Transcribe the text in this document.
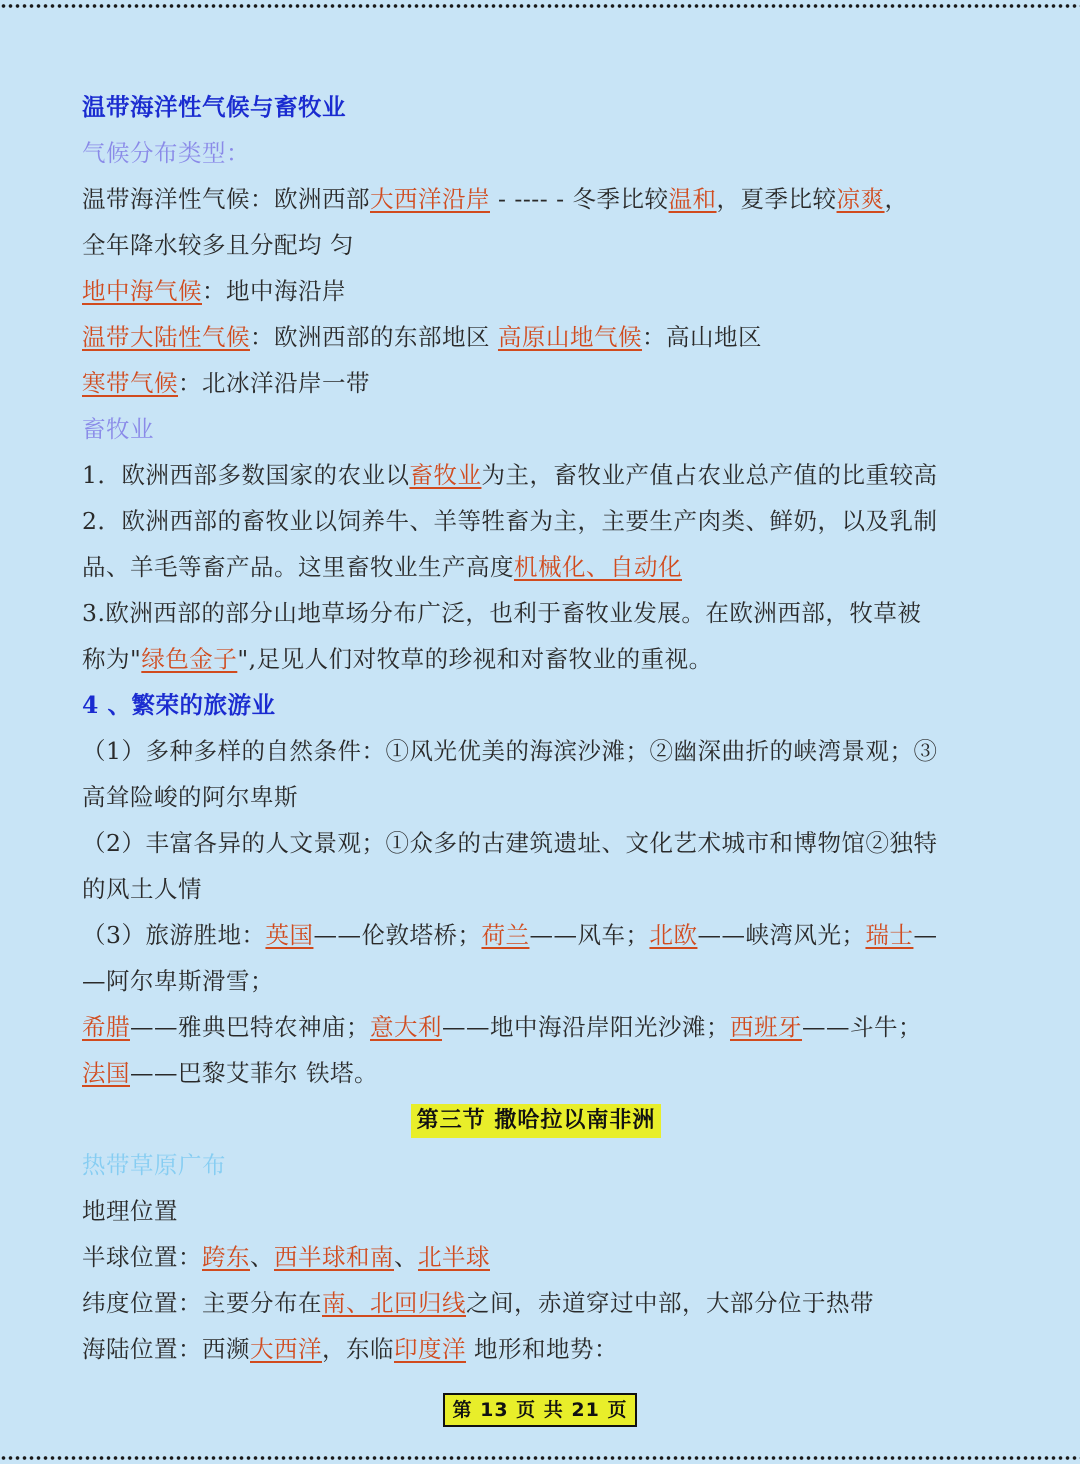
温带海洋性气候与畜牧业
气候分布类型：
温带海洋性气候：欧洲西部大西洋沿岸 - ---- - 冬季比较温和，夏季比较凉爽，
全年降水较多且分配均 匀
地中海气候：地中海沿岸
温带大陆性气候：欧洲西部的东部地区 高原山地气候：高山地区
寒带气候：北冰洋沿岸一带
畜牧业
1．欧洲西部多数国家的农业以畜牧业为主，畜牧业产值占农业总产值的比重较高
2．欧洲西部的畜牧业以饲养牛、羊等牲畜为主，主要生产肉类、鲜奶，以及乳制
品、羊毛等畜产品。这里畜牧业生产高度机械化、自动化
3.欧洲西部的部分山地草场分布广泛，也利于畜牧业发展。在欧洲西部，牧草被
称为"绿色金子",足见人们对牧草的珍视和对畜牧业的重视。
4 、繁荣的旅游业
（1）多种多样的自然条件：①风光优美的海滨沙滩；②幽深曲折的峡湾景观；③
高耸险峻的阿尔卑斯
（2）丰富各异的人文景观；①众多的古建筑遗址、文化艺术城市和博物馆②独特
的风土人情
（3）旅游胜地：英国——伦敦塔桥；荷兰——风车；北欧——峡湾风光；瑞士—
—阿尔卑斯滑雪；
希腊——雅典巴特农神庙；意大利——地中海沿岸阳光沙滩；西班牙——斗牛；
法国——巴黎艾菲尔 铁塔。
第三节 撒哈拉以南非洲
热带草原广布
地理位置
半球位置：跨东、西半球和南、北半球
纬度位置：主要分布在南、北回归线之间，赤道穿过中部，大部分位于热带
海陆位置：西濒大西洋，东临印度洋 地形和地势：
第 13 页 共 21 页
